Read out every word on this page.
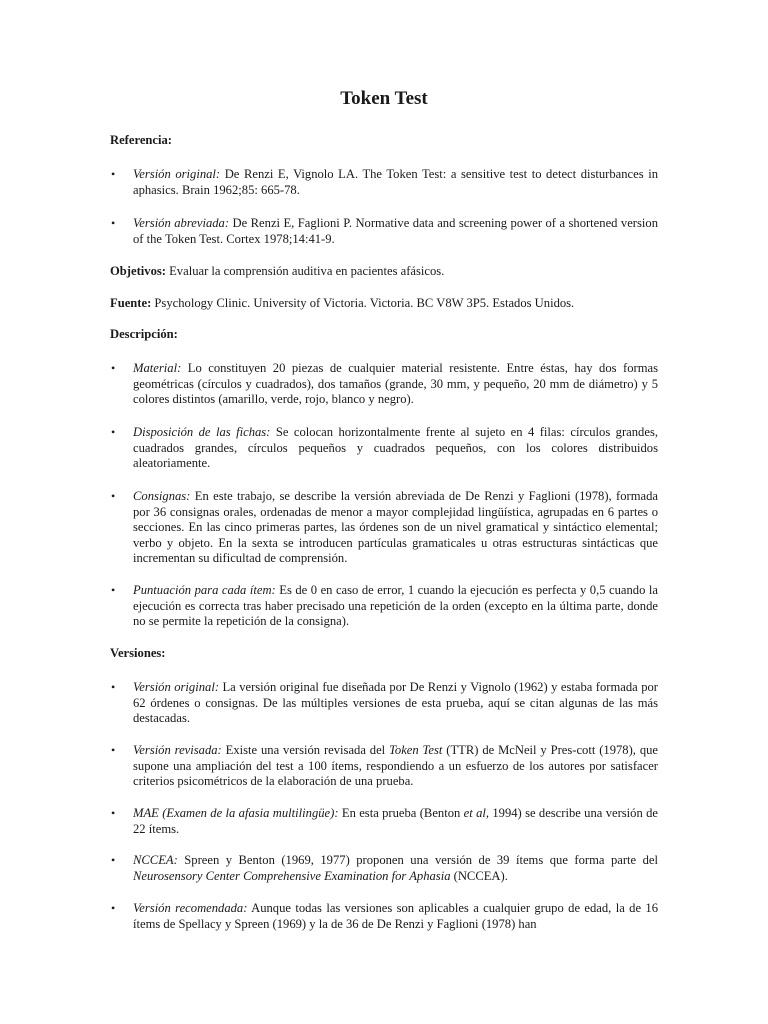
Token Test
Referencia:
• Versión original: De Renzi E, Vignolo LA. The Token Test: a sensitive test to detect disturbances in aphasics. Brain 1962;85: 665-78.
• Versión abreviada: De Renzi E, Faglioni P. Normative data and screening power of a shortened version of the Token Test. Cortex 1978;14:41-9.
Objetivos: Evaluar la comprensión auditiva en pacientes afásicos.
Fuente: Psychology Clinic. University of Victoria. Victoria. BC V8W 3P5. Estados Unidos.
Descripción:
• Material: Lo constituyen 20 piezas de cualquier material resistente. Entre éstas, hay dos formas geométricas (círculos y cuadrados), dos tamaños (grande, 30 mm, y pequeño, 20 mm de diámetro) y 5 colores distintos (amarillo, verde, rojo, blanco y negro).
• Disposición de las fichas: Se colocan horizontalmente frente al sujeto en 4 filas: círculos grandes, cuadrados grandes, círculos pequeños y cuadrados pequeños, con los colores distribuidos aleatoriamente.
• Consignas: En este trabajo, se describe la versión abreviada de De Renzi y Faglioni (1978), formada por 36 consignas orales, ordenadas de menor a mayor complejidad lingüística, agrupadas en 6 partes o secciones. En las cinco primeras partes, las órdenes son de un nivel gramatical y sintáctico elemental; verbo y objeto. En la sexta se introducen partículas gramaticales u otras estructuras sintácticas que incrementan su dificultad de comprensión.
• Puntuación para cada ítem: Es de 0 en caso de error, 1 cuando la ejecución es perfecta y 0,5 cuando la ejecución es correcta tras haber precisado una repetición de la orden (excepto en la última parte, donde no se permite la repetición de la consigna).
Versiones:
• Versión original: La versión original fue diseñada por De Renzi y Vignolo (1962) y estaba formada por 62 órdenes o consignas. De las múltiples versiones de esta prueba, aquí se citan algunas de las más destacadas.
• Versión revisada: Existe una versión revisada del Token Test (TTR) de McNeil y Pres-cott (1978), que supone una ampliación del test a 100 ítems, respondiendo a un esfuerzo de los autores por satisfacer criterios psicométricos de la elaboración de una prueba.
• MAE (Examen de la afasia multilingüe): En esta prueba (Benton et al, 1994) se describe una versión de 22 ítems.
• NCCEA: Spreen y Benton (1969, 1977) proponen una versión de 39 ítems que forma parte del Neurosensory Center Comprehensive Examination for Aphasia (NCCEA).
• Versión recomendada: Aunque todas las versiones son aplicables a cualquier grupo de edad, la de 16 ítems de Spellacy y Spreen (1969) y la de 36 de De Renzi y Faglioni (1978) han
